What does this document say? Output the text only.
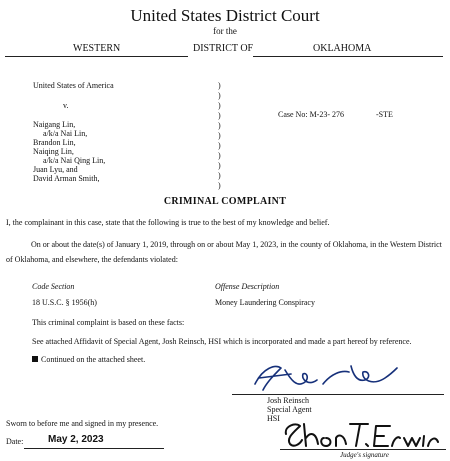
United States District Court
for the
WESTERN	DISTRICT OF	OKLAHOMA
United States of America
v.
Naigang Lin,
a/k/a Nai Lin,
Brandon Lin,
Naiqing Lin,
a/k/a Nai Qing Lin,
Juan Lyu, and
David Arman Smith,
)
)
)
)
)
)
)
)
)
)
)
Case No: M-23- 276	-STE
CRIMINAL COMPLAINT
I, the complainant in this case, state that the following is true to the best of my knowledge and belief.
On or about the date(s) of January 1, 2019, through on or about May 1, 2023, in the county of Oklahoma, in the Western District of Oklahoma, and elsewhere, the defendants violated:
Code Section	Offense Description
18 U.S.C. § 1956(h)	Money Laundering Conspiracy
This criminal complaint is based on these facts:
See attached Affidavit of Special Agent, Josh Reinsch, HSI which is incorporated and made a part hereof by reference.
Continued on the attached sheet.
Josh Reinsch
Special Agent
HSI
Sworn to before me and signed in my presence.
Date: May 2, 2023
Judge's signature
